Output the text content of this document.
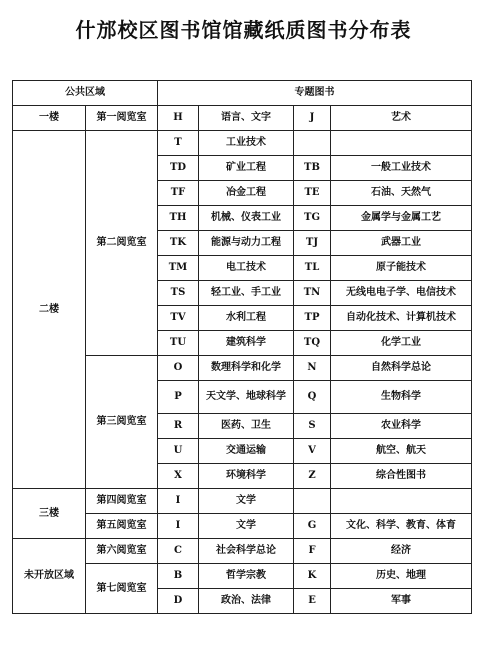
什邡校区图书馆馆藏纸质图书分布表
公共区域		专题图书			
一楼	第一阅览室	H	语言、文字	J	艺术
二楼	第二阅览室	T	工业技术		
		TD	矿业工程	TB	一般工业技术
		TF	冶金工程	TE	石油、天然气
		TH	机械、仪表工业	TG	金属学与金属工艺
		TK	能源与动力工程	TJ	武器工业
		TM	电工技术	TL	原子能技术
		TS	轻工业、手工业	TN	无线电电子学、电信技术
		TV	水利工程	TP	自动化技术、计算机技术
		TU	建筑科学	TQ	化学工业
	第三阅览室	O	数理科学和化学	N	自然科学总论
		P	天文学、地球科学	Q	生物科学
		R	医药、卫生	S	农业科学
		U	交通运输	V	航空、航天
		X	环境科学	Z	综合性图书
三楼	第四阅览室	I	文学		
	第五阅览室	I	文学	G	文化、科学、教育、体育
未开放区域	第六阅览室	C	社会科学总论	F	经济
	第七阅览室	B	哲学宗教	K	历史、地理
		D	政治、法律	E	军事
